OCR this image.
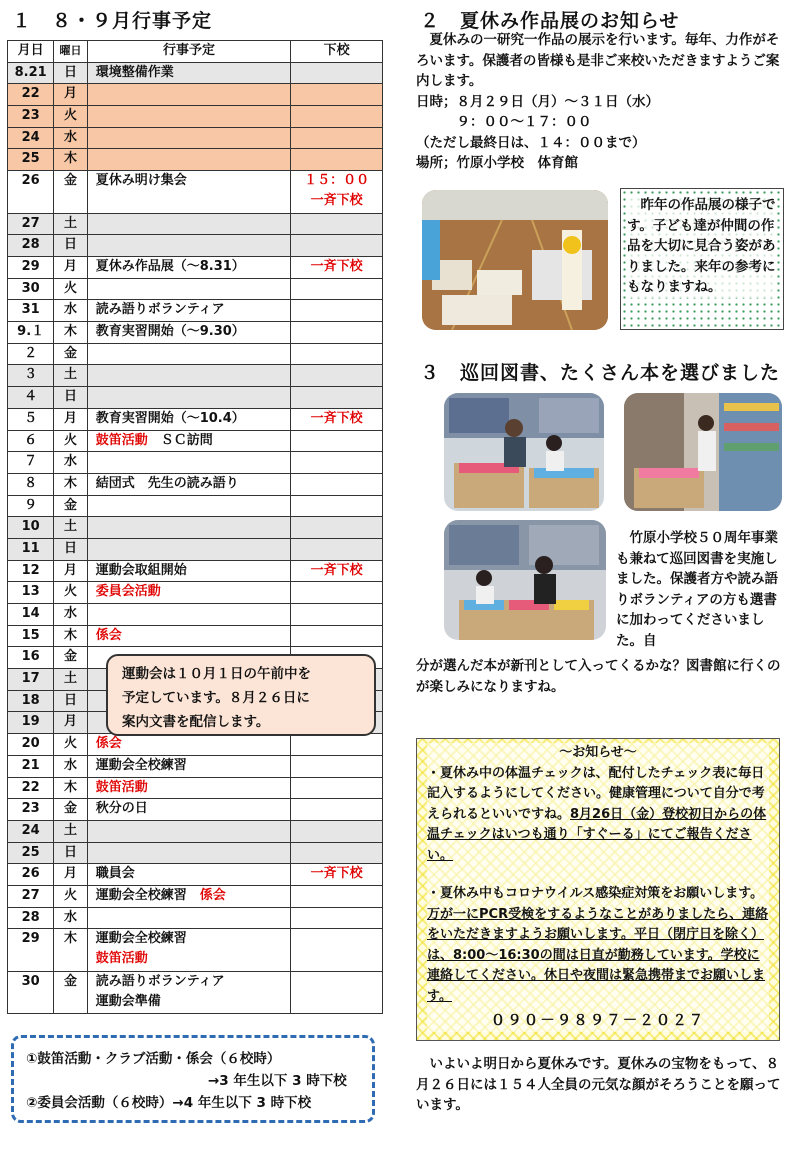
１　８・９月行事予定
月日	曜日	行事予定	下校
8.21	日	環境整備作業	
22	月		
23	火		
24	水		
25	木		
26	金	夏休み明け集会	１５：００
一斉下校

27	土		
28	日		
29	月	夏休み作品展（～8.31）	一斉下校

30	火		
31	水	読み語りボランティア	
9.１	木	教育実習開始（～9.30）	
２	金		
３	土		
４	日		
５	月	教育実習開始（～10.4）	一斉下校

６	火	鼓笛活動　ＳＣ訪問	
７	水		
８	木	結団式　先生の読み語り	
９	金		
10	土		
11	日		
12	月	運動会取組開始	一斉下校

13	火	委員会活動	
14	水		
15	木	係会	
16	金		
17	土		
18	日		
19	月		
20	火	係会	
21	水	運動会全校練習	
22	木	鼓笛活動	
23	金	秋分の日	
24	土		
25	日		
26	月	職員会	一斉下校

27	火	運動会全校練習　係会	
28	水		
29	木	運動会全校練習
鼓笛活動	

30	金	読み語りボランティア
運動会準備	

運動会は１０月１日の午前中を
予定しています。８月２６日に
案内文書を配信します。
①鼓笛活動・クラブ活動・係会（６校時）
→3 年生以下 3 時下校
②委員会活動（６校時）→4 年生以下 3 時下校
２　夏休み作品展のお知らせ
　夏休みの一研究一作品の展示を行います。毎年、力作がそろいます。保護者の皆様も是非ご来校いただきますようご案内します。
日時；８月２９日（月）～３１日（水）
　　　９：００～１７：００
（ただし最終日は、１４：００まで）
場所；竹原小学校　体育館
　昨年の作品展の様子です。子ども達が仲間の作品を大切に見合う姿がありました。来年の参考にもなりますね。
３　巡回図書、たくさん本を選びました
　竹原小学校５０周年事業も兼ねて巡回図書を実施しました。保護者方や読み語りボランティアの方も選書に加わってくださいました。自
分が選んだ本が新刊として入ってくるかな？図書館に行くのが楽しみになりますね。
～お知らせ～
・夏休み中の体温チェックは、配付したチェック表に毎日記入するようにしてください。健康管理について自分で考えられるといいですね。8月26日（金）登校初日からの体温チェックはいつも通り「すぐーる」にてご報告ください。
・夏休み中もコロナウイルス感染症対策をお願いします。万が一にPCR受検をするようなことがありましたら、連絡をいただきますようお願いします。平日（閉庁日を除く）は、8:00～16:30の間は日直が勤務しています。学校に連絡してください。休日や夜間は緊急携帯までお願いします。
０９０－９８９７－２０２７
　いよいよ明日から夏休みです。夏休みの宝物をもって、８月２６日には１５４人全員の元気な顔がそろうことを願っています。
